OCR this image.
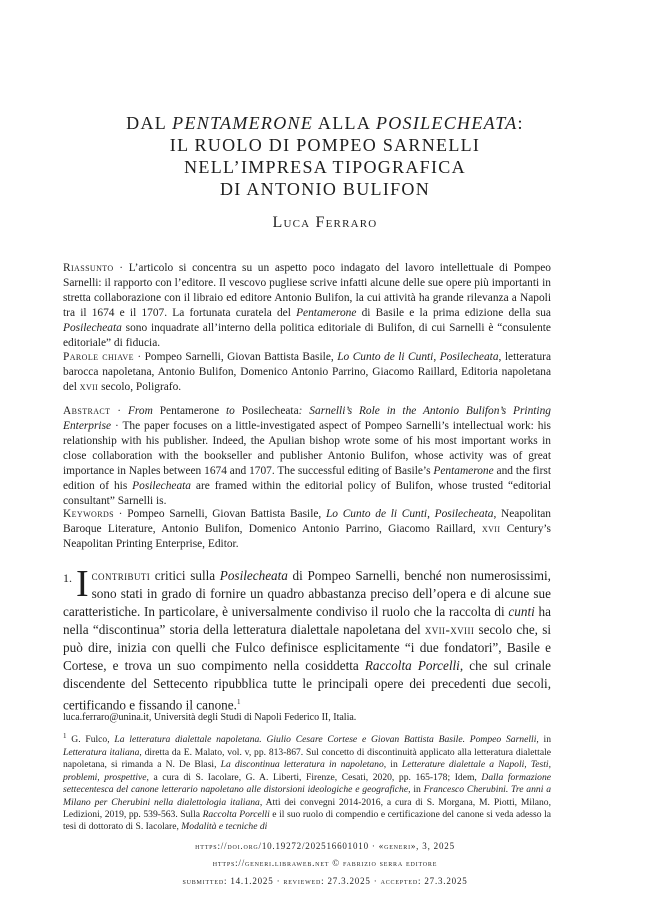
DAL PENTAMERONE ALLA POSILECHEATA:
IL RUOLO DI POMPEO SARNELLI
NELL’IMPRESA TIPOGRAFICA
DI ANTONIO BULIFON
Luca Ferraro
Riassunto · L’articolo si concentra su un aspetto poco indagato del lavoro intellettuale di Pompeo Sarnelli: il rapporto con l’editore. Il vescovo pugliese scrive infatti alcune delle sue opere più importanti in stretta collaborazione con il libraio ed editore Antonio Bulifon, la cui attività ha grande rilevanza a Napoli tra il 1674 e il 1707. La fortunata curatela del Pentamerone di Basile e la prima edizione della sua Posilecheata sono inquadrate all’interno della politica editoriale di Bulifon, di cui Sarnelli è “consulente editoriale” di fiducia.
Parole chiave · Pompeo Sarnelli, Giovan Battista Basile, Lo Cunto de li Cunti, Posilecheata, letteratura barocca napoletana, Antonio Bulifon, Domenico Antonio Parrino, Giacomo Raillard, Editoria napoletana del xvii secolo, Poligrafo.
Abstract · From Pentamerone to Posilecheata: Sarnelli’s Role in the Antonio Bulifon’s Printing Enterprise · The paper focuses on a little-investigated aspect of Pompeo Sarnelli’s intellectual work: his relationship with his publisher. Indeed, the Apulian bishop wrote some of his most important works in close collaboration with the bookseller and publisher Antonio Bulifon, whose activity was of great importance in Naples between 1674 and 1707. The successful editing of Basile’s Pentamerone and the first edition of his Posilecheata are framed within the editorial policy of Bulifon, whose trusted “editorial consultant” Sarnelli is.
Keywords · Pompeo Sarnelli, Giovan Battista Basile, Lo Cunto de li Cunti, Posilecheata, Neapolitan Baroque Literature, Antonio Bulifon, Domenico Antonio Parrino, Giacomo Raillard, xvii Century’s Neapolitan Printing Enterprise, Editor.
1. I contributi critici sulla Posilecheata di Pompeo Sarnelli, benché non numerosissimi, sono stati in grado di fornire un quadro abbastanza preciso dell’opera e di alcune sue caratteristiche. In particolare, è universalmente condiviso il ruolo che la raccolta di cunti ha nella “discontinua” storia della letteratura dialettale napoletana del xvii-xviii secolo che, si può dire, inizia con quelli che Fulco definisce esplicitamente “i due fondatori”, Basile e Cortese, e trova un suo compimento nella cosiddetta Raccolta Porcelli, che sul crinale discendente del Settecento ripubblica tutte le principali opere dei precedenti due secoli, certificando e fissando il canone.$^1$

luca.ferraro@unina.it, Università degli Studi di Napoli Federico II, Italia.

$^1$ G. Fulco, La letteratura dialettale napoletana. Giulio Cesare Cortese e Giovan Battista Basile. Pompeo Sarnelli, in Letteratura italiana, diretta da E. Malato, vol. v, pp. 813-867. Sul concetto di discontinuità applicato alla letteratura dialettale napoletana, si rimanda a N. De Blasi, La discontinua letteratura in napoletano, in Letterature dialettale a Napoli, Testi, problemi, prospettive, a cura di S. Iacolare, G. A. Liberti, Firenze, Cesati, 2020, pp. 165-178; Idem, Dalla formazione settecentesca del canone letterario napoletano alle distorsioni ideologiche e geografiche, in Francesco Cherubini. Tre anni a Milano per Cherubini nella dialettologia italiana, Atti dei convegni 2014-2016, a cura di S. Morgana, M. Piotti, Milano, Ledizioni, 2019, pp. 539-563. Sulla Raccolta Porcelli e il suo ruolo di compendio e certificazione del canone si veda adesso la tesi di dottorato di S. Iacolare, Modalità e tecniche di

https://doi.org/10.19272/202516601010 · «generi», 3, 2025
https://generi.libraweb.net © fabrizio serra editore
submitted: 14.1.2025 · reviewed: 27.3.2025 · accepted: 27.3.2025
